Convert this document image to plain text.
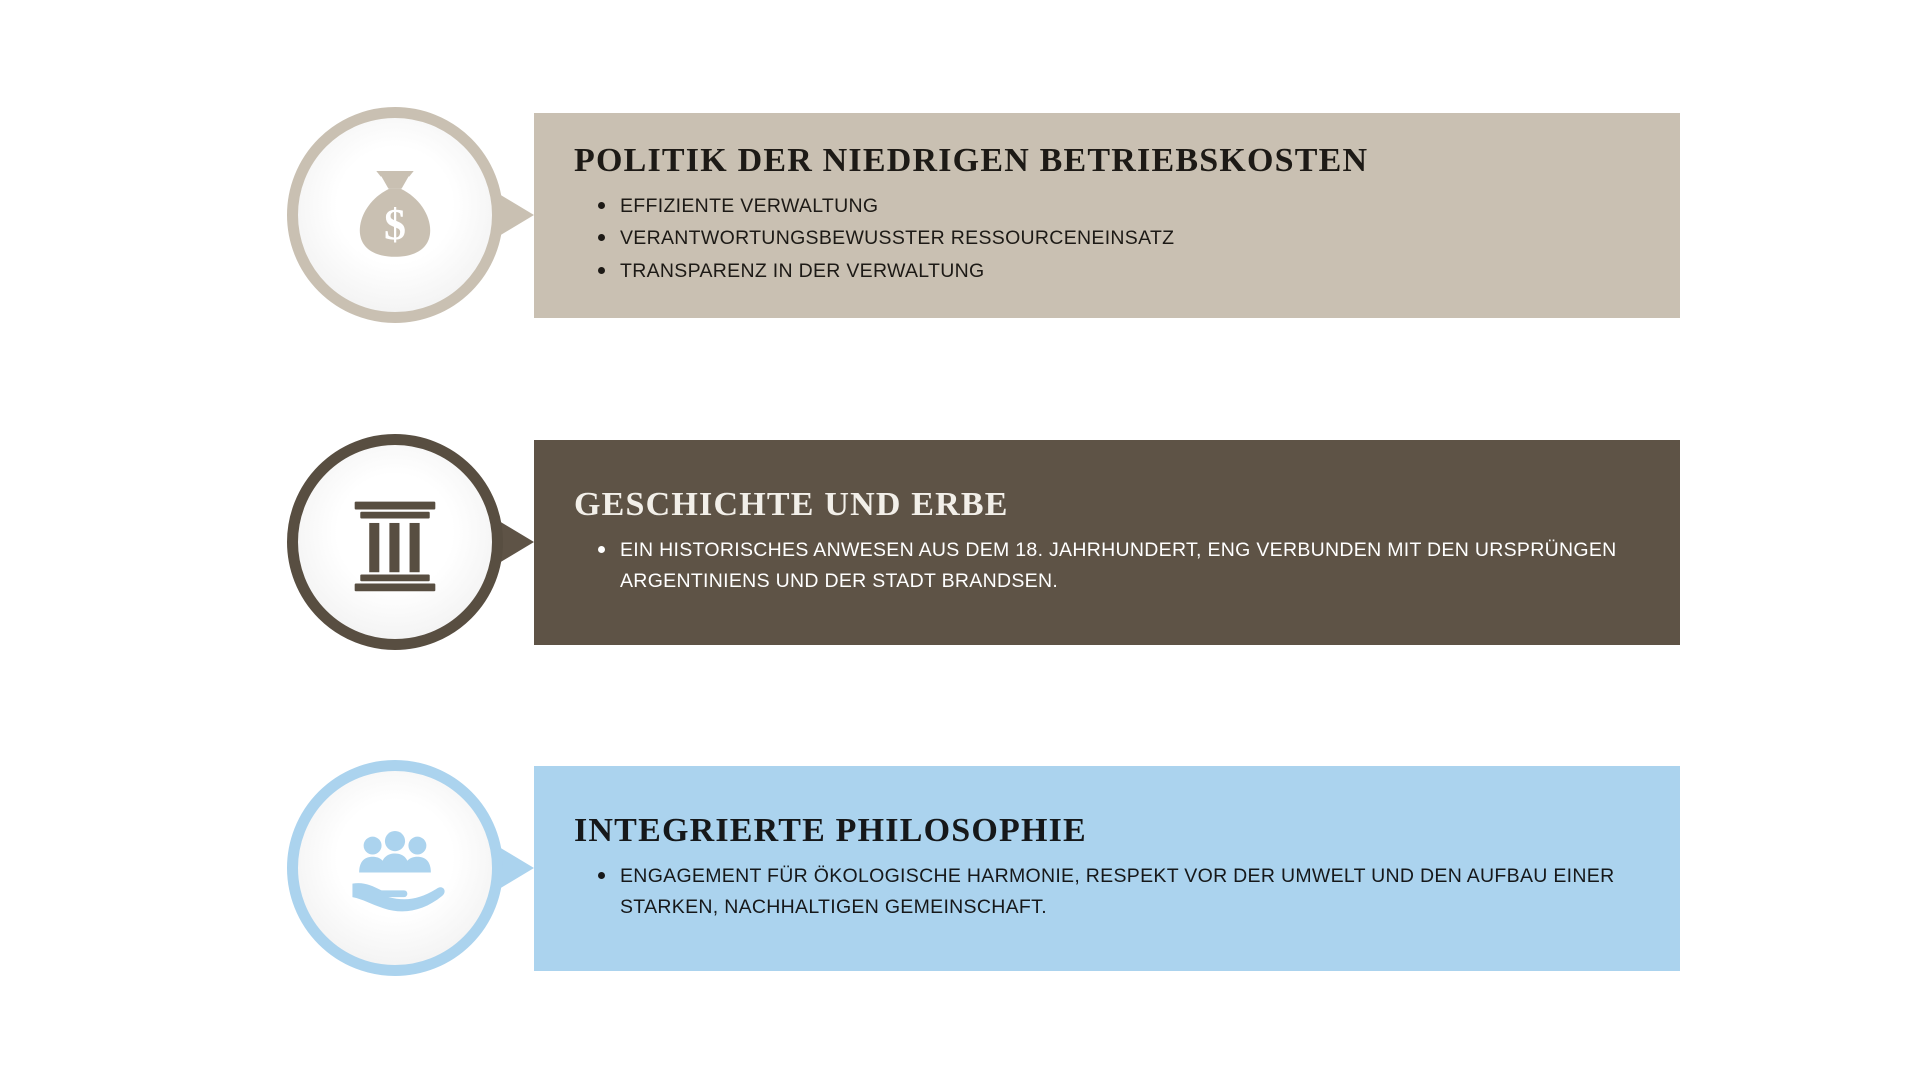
$
POLITIK DER NIEDRIGEN BETRIEBSKOSTEN
EFFIZIENTE VERWALTUNG
VERANTWORTUNGSBEWUSSTER RESSOURCENEINSATZ
TRANSPARENZ IN DER VERWALTUNG
GESCHICHTE UND ERBE
EIN HISTORISCHES ANWESEN AUS DEM 18. JAHRHUNDERT, ENG VERBUNDEN MIT DEN URSPRÜNGEN ARGENTINIENS UND DER STADT BRANDSEN.
INTEGRIERTE PHILOSOPHIE
ENGAGEMENT FÜR ÖKOLOGISCHE HARMONIE, RESPEKT VOR DER UMWELT UND DEN AUFBAU EINER STARKEN, NACHHALTIGEN GEMEINSCHAFT.
